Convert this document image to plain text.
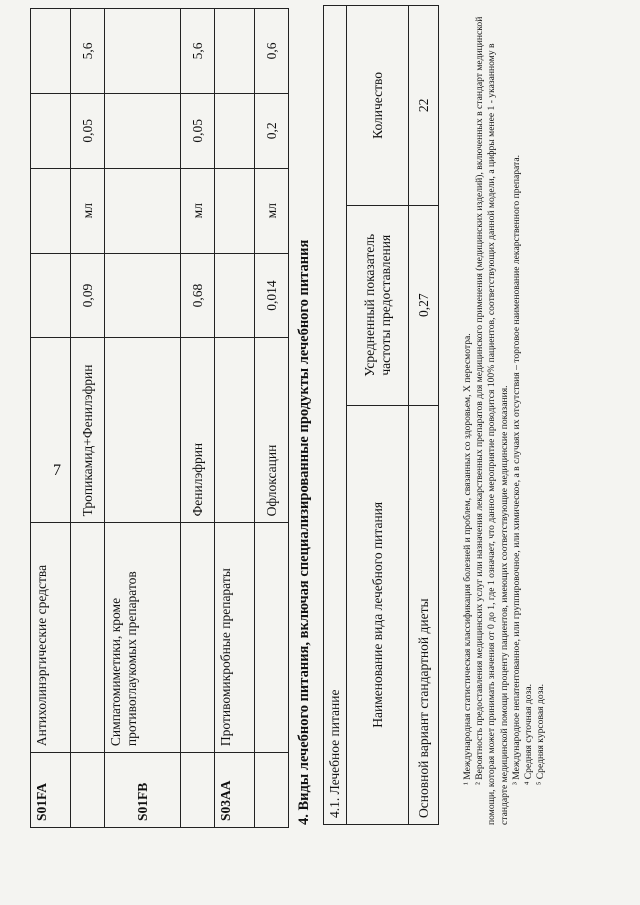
7
S01FA	Антихолинэргические средства					
		Тропикамид+Фенилэфрин	0,09	мл	0,05	5,6
S01FB	Симпатомиметики, кроме противоглаукомых препаратов					
		Фенилэфрин	0,68	мл	0,05	5,6
S03AA	Противомикробные препараты					
		Офлоксацин	0,014	мл	0,2	0,6
4. Виды лечебного питания, включая специализированные продукты лечебного питания 4.1. Лечебное питание		
Наименование вида лечебного питания	Усредненный показатель частоты предоставления	Количество
Основной вариант стандартной диеты	0,27	22
¹ Международная статистическая классификация болезней и проблем, связанных со здоровьем, X пересмотра. ² Вероятность предоставления медицинских услуг или назначения лекарственных препаратов для медицинского применения (медицинских изделий), включенных в стандарт медицинской помощи, которая может принимать значения от 0 до 1, где 1 означает, что данное мероприятие проводится 100% пациентов, соответствующих данной модели, а цифры менее 1 - указанному в стандарте медицинской помощи проценту пациентов, имеющих соответствующие медицинские показания. ³ Международное непатентованное, или группировочное, или химическое, а в случаях их отсутствия – торговое наименование лекарственного препарата. ⁴ Средняя суточная доза. ⁵ Средняя курсовая доза.
